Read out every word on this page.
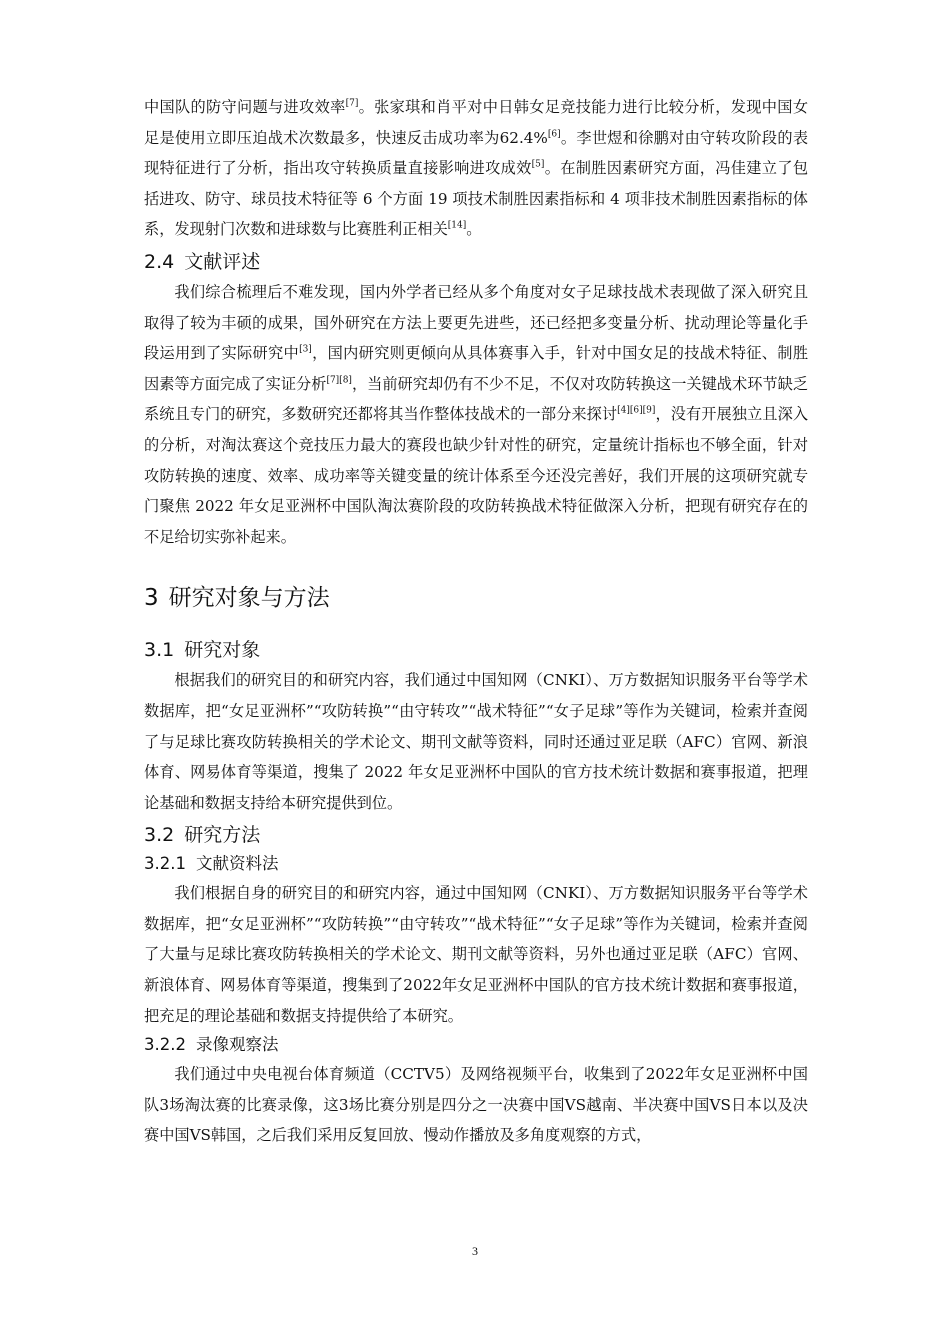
中国队的防守问题与进攻效率[7]。张家琪和肖平对中日韩女足竞技能力进行比较分析，发现中国女足是使用立即压迫战术次数最多，快速反击成功率为62.4%[6]。李世煜和徐鹏对由守转攻阶段的表现特征进行了分析，指出攻守转换质量直接影响进攻成效[5]。在制胜因素研究方面，冯佳建立了包括进攻、防守、球员技术特征等 6 个方面 19 项技术制胜因素指标和 4 项非技术制胜因素指标的体系，发现射门次数和进球数与比赛胜利正相关[14]。

2.4 文献评述

我们综合梳理后不难发现，国内外学者已经从多个角度对女子足球技战术表现做了深入研究且取得了较为丰硕的成果，国外研究在方法上要更先进些，还已经把多变量分析、扰动理论等量化手段运用到了实际研究中[3]，国内研究则更倾向从具体赛事入手，针对中国女足的技战术特征、制胜因素等方面完成了实证分析[7][8]，当前研究却仍有不少不足，不仅对攻防转换这一关键战术环节缺乏系统且专门的研究，多数研究还都将其当作整体技战术的一部分来探讨[4][6][9]，没有开展独立且深入的分析，对淘汰赛这个竞技压力最大的赛段也缺少针对性的研究，定量统计指标也不够全面，针对攻防转换的速度、效率、成功率等关键变量的统计体系至今还没完善好，我们开展的这项研究就专门聚焦 2022 年女足亚洲杯中国队淘汰赛阶段的攻防转换战术特征做深入分析，把现有研究存在的不足给切实弥补起来。

3 研究对象与方法
3.1 研究对象

根据我们的研究目的和研究内容，我们通过中国知网（CNKI）、万方数据知识服务平台等学术数据库，把“女足亚洲杯”“攻防转换”“由守转攻”“战术特征”“女子足球”等作为关键词，检索并查阅了与足球比赛攻防转换相关的学术论文、期刊文献等资料，同时还通过亚足联（AFC）官网、新浪体育、网易体育等渠道，搜集了 2022 年女足亚洲杯中国队的官方技术统计数据和赛事报道，把理论基础和数据支持给本研究提供到位。

3.2 研究方法
3.2.1 文献资料法

我们根据自身的研究目的和研究内容，通过中国知网（CNKI）、万方数据知识服务平台等学术数据库，把“女足亚洲杯”“攻防转换”“由守转攻”“战术特征”“女子足球”等作为关键词，检索并查阅了大量与足球比赛攻防转换相关的学术论文、期刊文献等资料，另外也通过亚足联（AFC）官网、新浪体育、网易体育等渠道，搜集到了2022年女足亚洲杯中国队的官方技术统计数据和赛事报道，把充足的理论基础和数据支持提供给了本研究。

3.2.2 录像观察法

我们通过中央电视台体育频道（CCTV5）及网络视频平台，收集到了2022年女足亚洲杯中国队3场淘汰赛的比赛录像，这3场比赛分别是四分之一决赛中国VS越南、半决赛中国VS日本以及决赛中国VS韩国，之后我们采用反复回放、慢动作播放及多角度观察的方式，

3
